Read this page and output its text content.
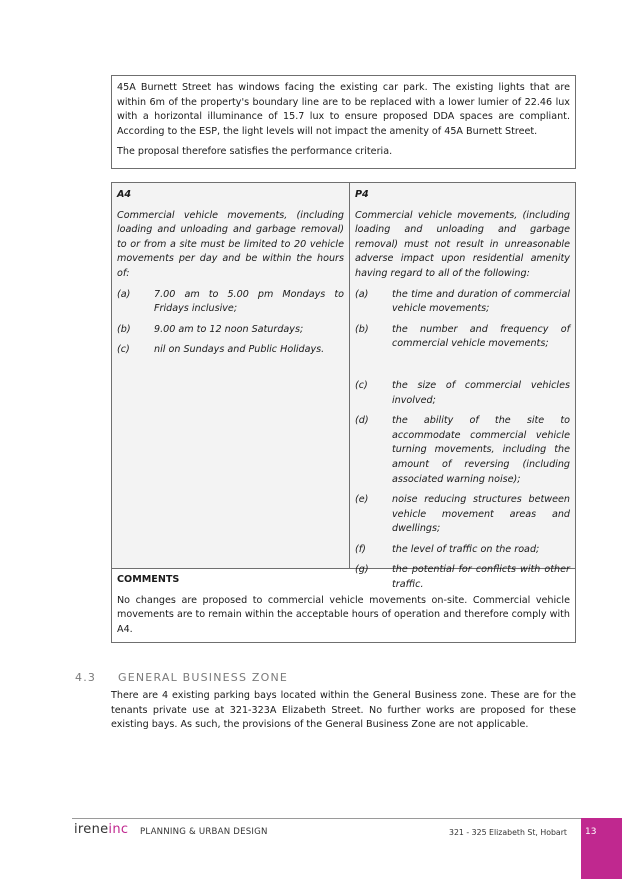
45A Burnett Street has windows facing the existing car park. The existing lights that are within 6m of the property's boundary line are to be replaced with a lower lumier of 22.46 lux with a horizontal illuminance of 15.7 lux to ensure proposed DDA spaces are compliant. According to the ESP, the light levels will not impact the amenity of 45A Burnett Street.

The proposal therefore satisfies the performance criteria.

A4

Commercial vehicle movements, (including loading and unloading and garbage removal) to or from a site must be limited to 20 vehicle movements per day and be within the hours of:

(a)	7.00 am to 5.00 pm Mondays to Fridays inclusive;
(b)	9.00 am to 12 noon Saturdays;
(c)	nil on Sundays and Public Holidays.

P4

Commercial vehicle movements, (including loading and unloading and garbage removal) must not result in unreasonable adverse impact upon residential amenity having regard to all of the following:

(a)	the time and duration of commercial vehicle movements;
(b)	the number and frequency of commercial vehicle movements;
(c)	the size of commercial vehicles involved;
(d)	the ability of the site to accommodate commercial vehicle turning movements, including the amount of reversing (including associated warning noise);
(e)	noise reducing structures between vehicle movement areas and dwellings;
(f)	the level of traffic on the road;
(g)	the potential for conflicts with other traffic.
COMMENTS

No changes are proposed to commercial vehicle movements on-site. Commercial vehicle movements are to remain within the acceptable hours of operation and therefore comply with A4.

4.3 GENERAL BUSINESS ZONE

There are 4 existing parking bays located within the General Business zone. These are for the tenants private use at 321-323A Elizabeth Street. No further works are proposed for these existing bays. As such, the provisions of the General Business Zone are not applicable.

ireneinc PLANNING & URBAN DESIGN	321 - 325 Elizabeth St, Hobart 13
